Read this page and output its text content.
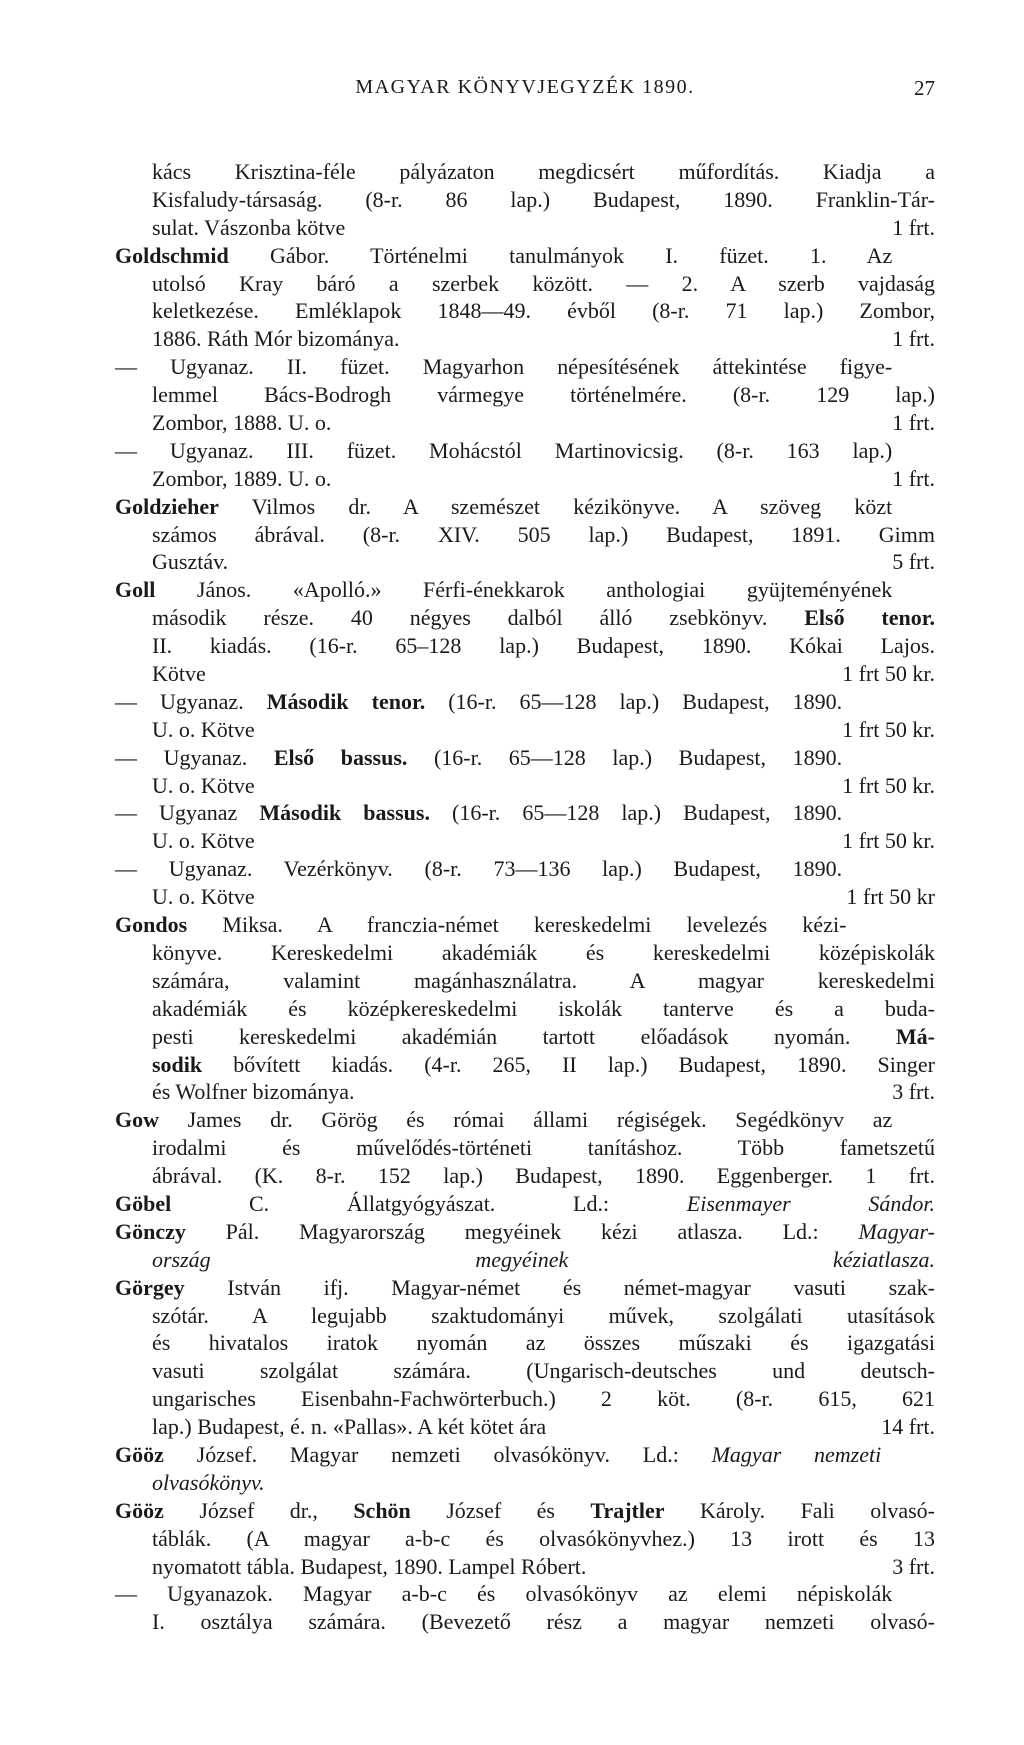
MAGYAR KÖNYVJEGYZÉK 1890.	27
kács Krisztina-féle pályázaton megdicsért műfordítás. Kiadja a
Kisfaludy-társaság. (8-r. 86 lap.) Budapest, 1890. Franklin-Tár-
sulat. Vászonba kötve	1 frt.
Goldschmid Gábor. Történelmi tanulmányok I. füzet. 1. Az
utolsó Kray báró a szerbek között. — 2. A szerb vajdaság
keletkezése. Emléklapok 1848—49. évből (8-r. 71 lap.) Zombor,
1886. Ráth Mór bizománya.	1 frt.
— Ugyanaz. II. füzet. Magyarhon népesítésének áttekintése figye-
lemmel Bács-Bodrogh vármegye történelmére. (8-r. 129 lap.)
Zombor, 1888. U. o.	1 frt.
— Ugyanaz. III. füzet. Mohácstól Martinovicsig. (8-r. 163 lap.)
Zombor, 1889. U. o.	1 frt.
Goldzieher Vilmos dr. A szemészet kézikönyve. A szöveg közt
számos ábrával. (8-r. XIV. 505 lap.) Budapest, 1891. Gimm
Gusztáv.	5 frt.
Goll János. «Apolló.» Férfi-énekkarok anthologiai gyüjteményének
második része. 40 négyes dalból álló zsebkönyv. Első tenor.
II. kiadás. (16-r. 65–128 lap.) Budapest, 1890. Kókai Lajos.
Kötve	1 frt 50 kr.
— Ugyanaz. Második tenor. (16-r. 65—128 lap.) Budapest, 1890.
U. o. Kötve	1 frt 50 kr.
— Ugyanaz. Első bassus. (16-r. 65—128 lap.) Budapest, 1890.
U. o. Kötve	1 frt 50 kr.
— Ugyanaz Második bassus. (16-r. 65—128 lap.) Budapest, 1890.
U. o. Kötve	1 frt 50 kr.
— Ugyanaz. Vezérkönyv. (8-r. 73—136 lap.) Budapest, 1890.
U. o. Kötve	1 frt 50 kr
Gondos Miksa. A franczia-német kereskedelmi levelezés kézi-
könyve. Kereskedelmi akadémiák és kereskedelmi középiskolák
számára, valamint magánhasználatra. A magyar kereskedelmi
akadémiák és középkereskedelmi iskolák tanterve és a buda-
pesti kereskedelmi akadémián tartott előadások nyomán. Má-
sodik bővített kiadás. (4-r. 265, II lap.) Budapest, 1890. Singer
és Wolfner bizománya.	3 frt.
Gow James dr. Görög és római állami régiségek. Segédkönyv az
irodalmi és művelődés-történeti tanításhoz. Több fametszetű
ábrával. (K. 8-r. 152 lap.) Budapest, 1890. Eggenberger. 1 frt.
Göbel C. Állatgyógyászat. Ld.: Eisenmayer Sándor.
Gönczy Pál. Magyarország megyéinek kézi atlasza. Ld.: Magyar-
ország megyéinek kéziatlasza.
Görgey István ifj. Magyar-német és német-magyar vasuti szak-
szótár. A legujabb szaktudományi művek, szolgálati utasítások
és hivatalos iratok nyomán az összes műszaki és igazgatási
vasuti szolgálat számára. (Ungarisch-deutsches und deutsch-
ungarisches Eisenbahn-Fachwörterbuch.) 2 köt. (8-r. 615, 621
lap.) Budapest, é. n. «Pallas». A két kötet ára	14 frt.
Gööz József. Magyar nemzeti olvasókönyv. Ld.: Magyar nemzeti
olvasókönyv.
Gööz József dr., Schön József és Trajtler Károly. Fali olvasó-
táblák. (A magyar a-b-c és olvasókönyvhez.) 13 irott és 13
nyomatott tábla. Budapest, 1890. Lampel Róbert.	3 frt.
— Ugyanazok. Magyar a-b-c és olvasókönyv az elemi népiskolák
I. osztálya számára. (Bevezető rész a magyar nemzeti olvasó-
